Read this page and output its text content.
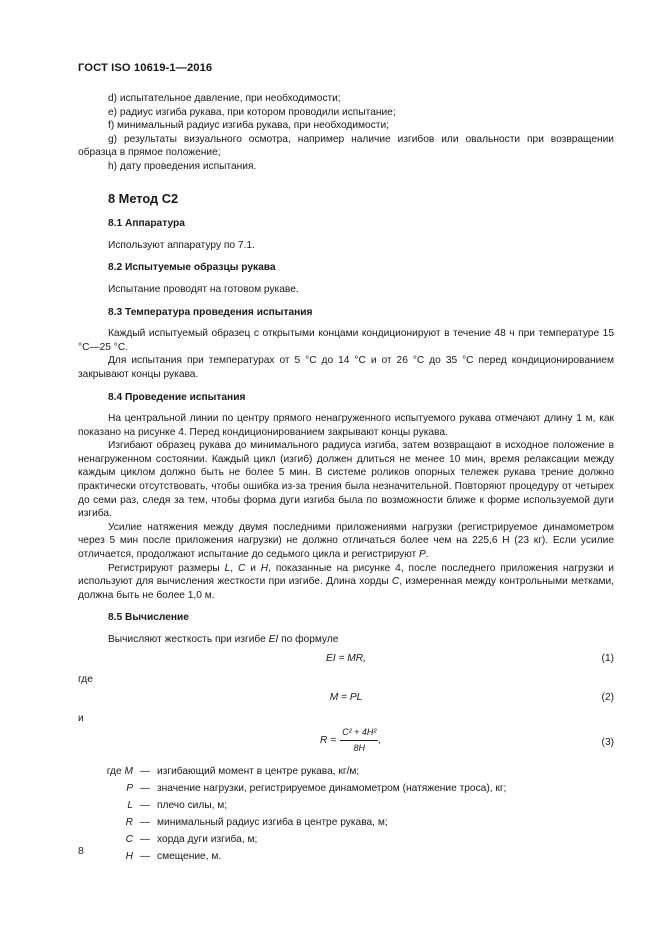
ГОСТ ISO 10619-1—2016

d) испытательное давление, при необходимости;

e) радиус изгиба рукава, при котором проводили испытание;

f) минимальный радиус изгиба рукава, при необходимости;

g) результаты визуального осмотра, например наличие изгибов или овальности при возвращении образца в прямое положение;

h) дату проведения испытания.

8 Метод С2
8.1 Аппаратура

Используют аппаратуру по 7.1.

8.2 Испытуемые образцы рукава

Испытание проводят на готовом рукаве.

8.3 Температура проведения испытания

Каждый испытуемый образец с открытыми концами кондиционируют в течение 48 ч при температуре 15 °C—25 °C.

Для испытания при температурах от 5 °C до 14 °C и от 26 °C до 35 °C перед кондиционированием закрывают концы рукава.

8.4 Проведение испытания

На центральной линии по центру прямого ненагруженного испытуемого рукава отмечают длину 1 м, как показано на рисунке 4. Перед кондиционированием закрывают концы рукава.

Изгибают образец рукава до минимального радиуса изгиба, затем возвращают в исходное положение в ненагруженном состоянии. Каждый цикл (изгиб) должен длиться не менее 10 мин, время релаксации между каждым циклом должно быть не более 5 мин. В системе роликов опорных тележек рукава трение должно практически отсутствовать, чтобы ошибка из-за трения была незначительной. Повторяют процедуру от четырех до семи раз, следя за тем, чтобы форма дуги изгиба была по возможности ближе к форме используемой дуги изгиба.

Усилие натяжения между двумя последними приложениями нагрузки (регистрируемое динамометром через 5 мин после приложения нагрузки) не должно отличаться более чем на 225,6 Н (23 кг). Если усилие отличается, продолжают испытание до седьмого цикла и регистрируют P.

Регистрируют размеры L, C и H, показанные на рисунке 4, после последнего приложения нагрузки и используют для вычисления жесткости при изгибе. Длина хорды C, измеренная между контрольными метками, должна быть не более 1,0 м.

8.5 Вычисление

Вычисляют жесткость при изгибе EI по формуле

EI = MR,	(1)

где

M = PL	(2)

и

$R = \frac{\text{C² + 4H²}}{8H}$ ,	(3)
где M — изгибающий момент в центре рукава, кг/м;
P — значение нагрузки, регистрируемое динамометром (натяжение троса), кг;
L — плечо силы, м;
R — минимальный радиус изгиба в центре рукава, м;
C — хорда дуги изгиба, м;
H — смещение, м.
8
